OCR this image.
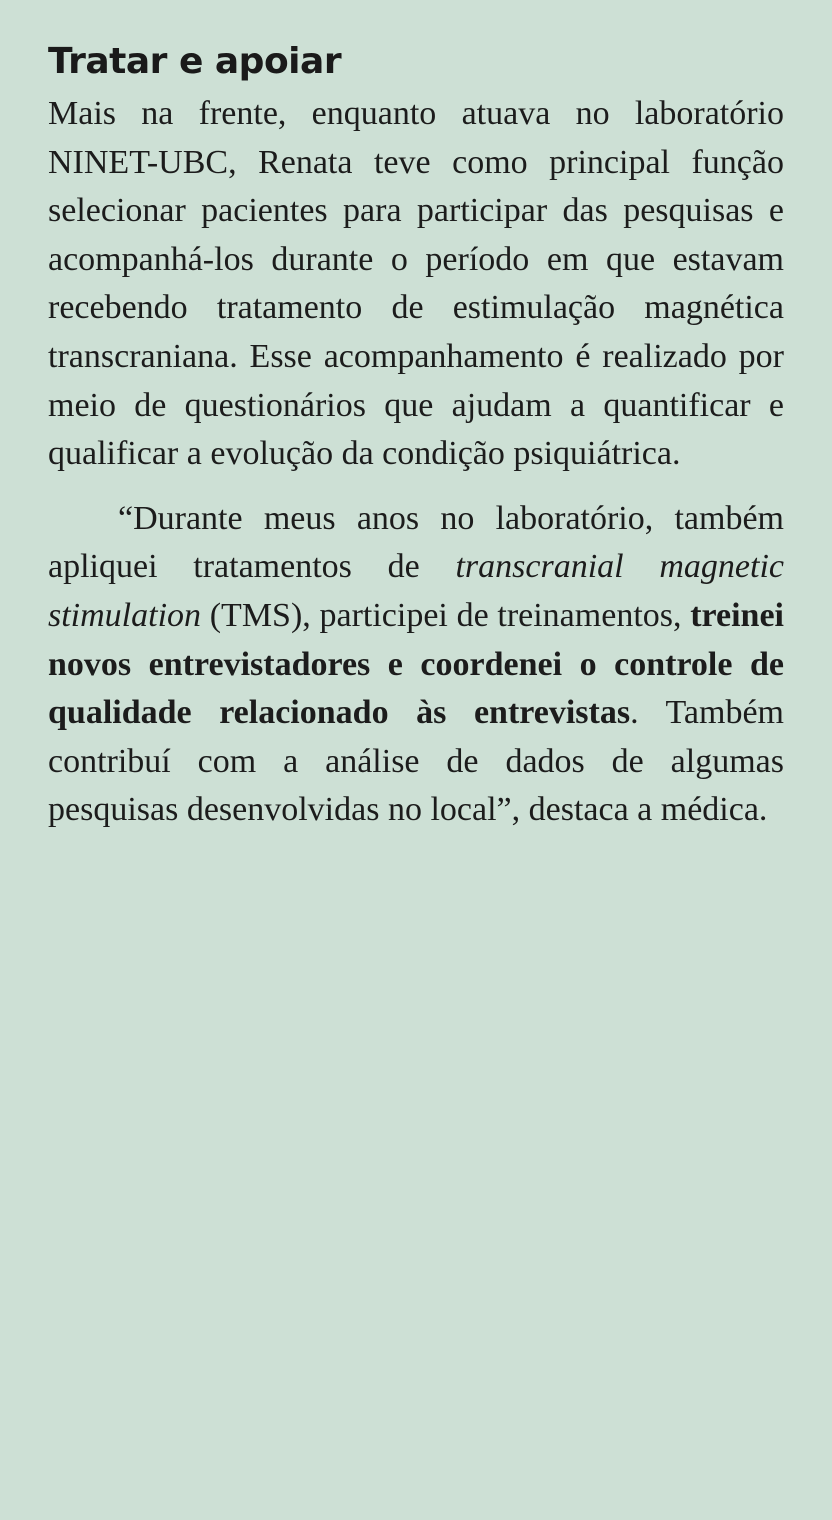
Tratar e apoiar

Mais na frente, enquanto atuava no laboratório NINET-UBC, Renata teve como principal função selecionar pacientes para participar das pesquisas e acompanhá-los durante o período em que estavam recebendo tratamento de estimulação magnética transcraniana. Esse acompanhamento é realizado por meio de questionários que ajudam a quantificar e qualificar a evolução da condição psiquiátrica.

“Durante meus anos no laboratório, também apliquei tratamentos de transcranial magnetic stimulation (TMS), participei de treinamentos, treinei novos entrevistadores e coordenei o controle de qualidade relacionado às entrevistas. Também contribuí com a análise de dados de algumas pesquisas desenvolvidas no local”, destaca a médica.
